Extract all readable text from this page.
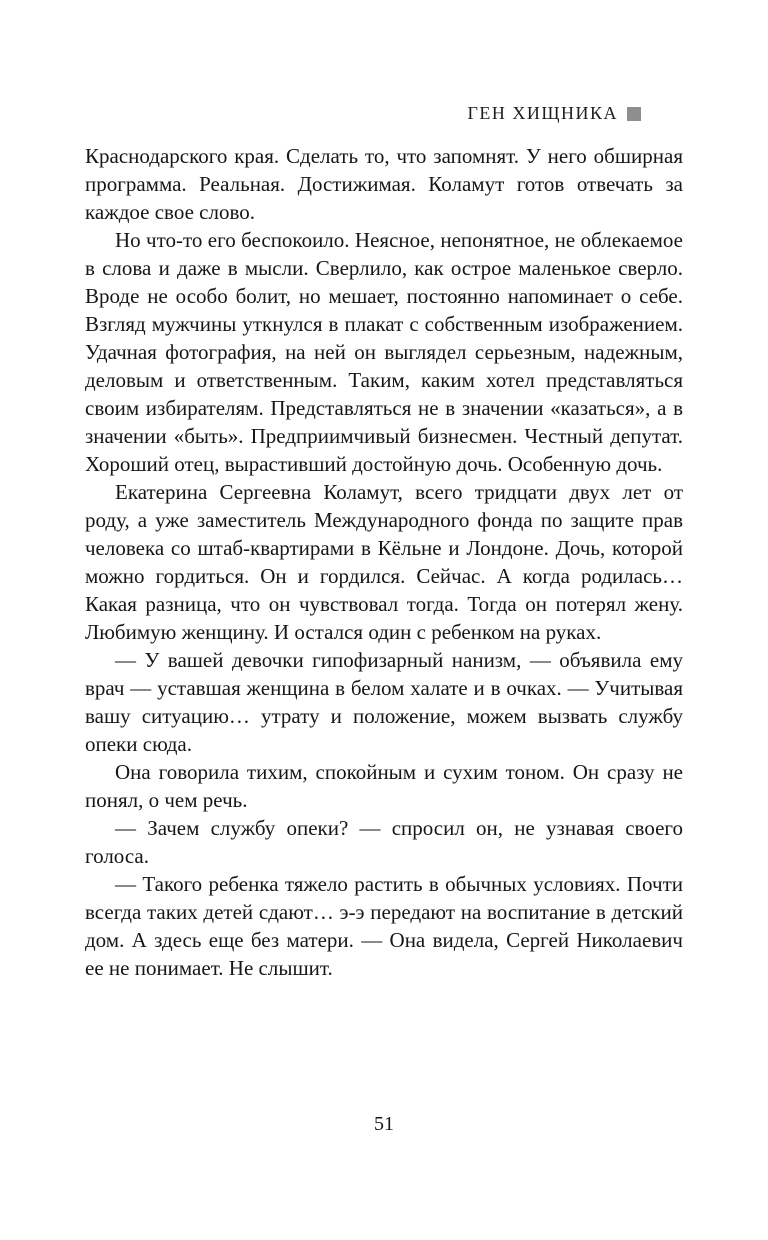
ГЕН ХИЩНИКА

Краснодарского края. Сделать то, что запомнят. У него обширная программа. Реальная. Достижимая. Коламут готов отвечать за каждое свое слово.

Но что-то его беспокоило. Неясное, непонятное, не облекаемое в слова и даже в мысли. Сверлило, как острое маленькое сверло. Вроде не особо болит, но мешает, постоянно напоминает о себе. Взгляд мужчины уткнулся в плакат с собственным изображением. Удачная фотография, на ней он выглядел серьезным, надежным, деловым и ответственным. Таким, каким хотел представляться своим избирателям. Представляться не в значении «казаться», а в значении «быть». Предприимчивый бизнесмен. Честный депутат. Хороший отец, вырастивший достойную дочь. Особенную дочь.

Екатерина Сергеевна Коламут, всего тридцати двух лет от роду, а уже заместитель Международного фонда по защите прав человека со штаб-квартирами в Кёльне и Лондоне. Дочь, которой можно гордиться. Он и гордился. Сейчас. А когда родилась… Какая разница, что он чувствовал тогда. Тогда он потерял жену. Любимую женщину. И остался один с ребенком на руках.

— У вашей девочки гипофизарный нанизм, — объявила ему врач — уставшая женщина в белом халате и в очках. — Учитывая вашу ситуацию… утрату и положение, можем вызвать службу опеки сюда.

Она говорила тихим, спокойным и сухим тоном. Он сразу не понял, о чем речь.

— Зачем службу опеки? — спросил он, не узнавая своего голоса.

— Такого ребенка тяжело растить в обычных условиях. Почти всегда таких детей сдают… э-э передают на воспитание в детский дом. А здесь еще без матери. — Она видела, Сергей Николаевич ее не понимает. Не слышит.

51
